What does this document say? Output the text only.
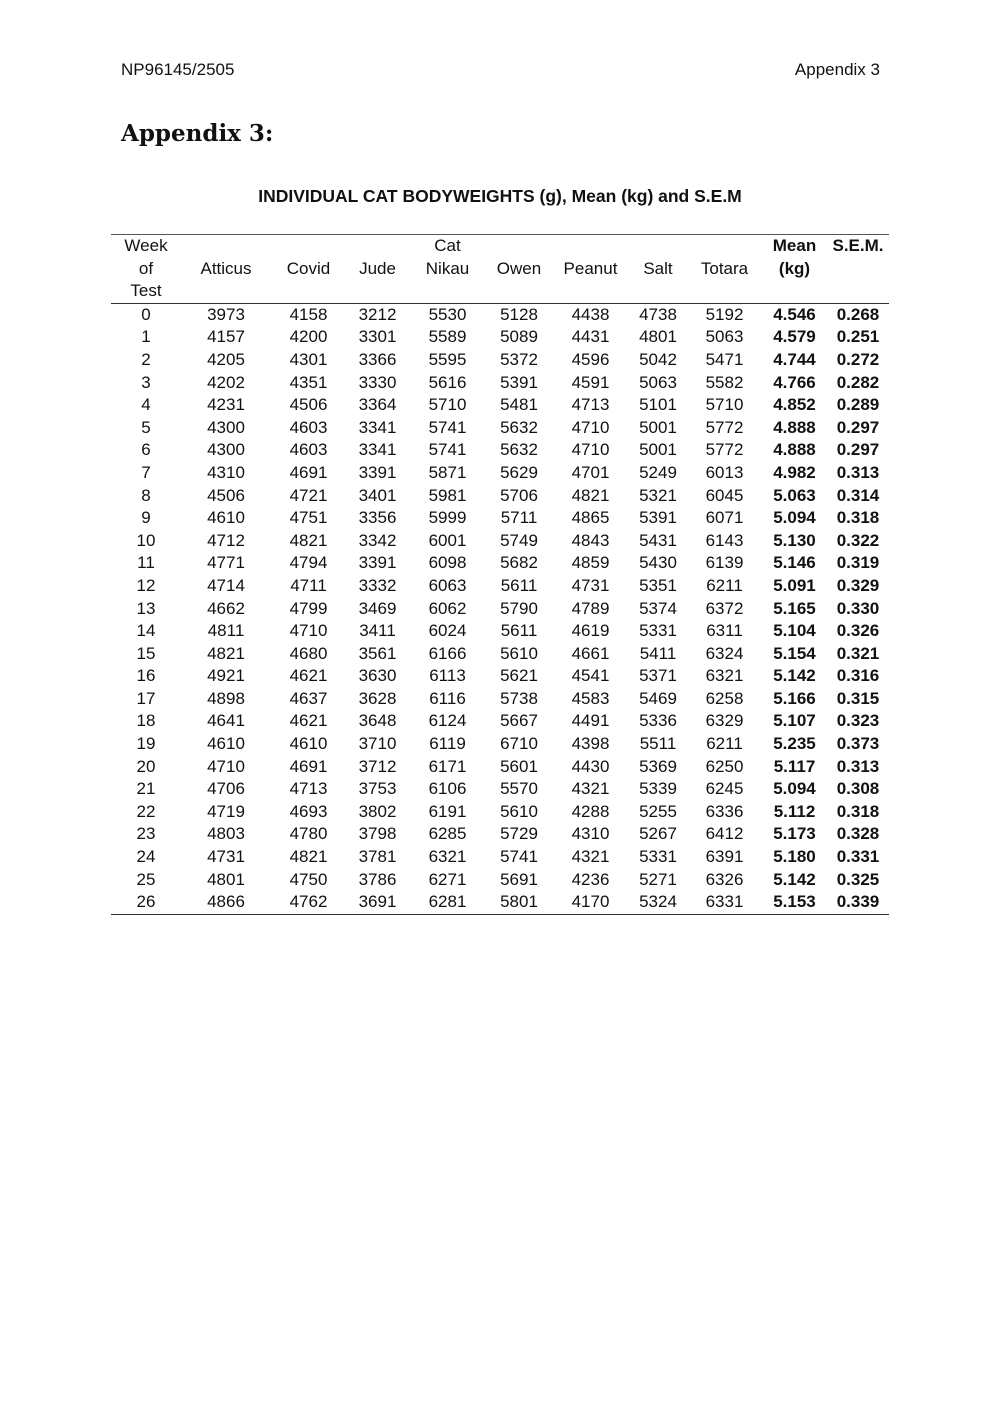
NP96145/2505	Appendix 3
Appendix 3:
INDIVIDUAL CAT BODYWEIGHTS (g), Mean (kg) and S.E.M
Week				Cat					Mean	S.E.M.
of	Atticus	Covid	Jude	Nikau	Owen	Peanut	Salt	Totara	(kg)	
Test										
0	3973	4158	3212	5530	5128	4438	4738	5192	4.546	0.268
1	4157	4200	3301	5589	5089	4431	4801	5063	4.579	0.251
2	4205	4301	3366	5595	5372	4596	5042	5471	4.744	0.272
3	4202	4351	3330	5616	5391	4591	5063	5582	4.766	0.282
4	4231	4506	3364	5710	5481	4713	5101	5710	4.852	0.289
5	4300	4603	3341	5741	5632	4710	5001	5772	4.888	0.297
6	4300	4603	3341	5741	5632	4710	5001	5772	4.888	0.297
7	4310	4691	3391	5871	5629	4701	5249	6013	4.982	0.313
8	4506	4721	3401	5981	5706	4821	5321	6045	5.063	0.314
9	4610	4751	3356	5999	5711	4865	5391	6071	5.094	0.318
10	4712	4821	3342	6001	5749	4843	5431	6143	5.130	0.322
11	4771	4794	3391	6098	5682	4859	5430	6139	5.146	0.319
12	4714	4711	3332	6063	5611	4731	5351	6211	5.091	0.329
13	4662	4799	3469	6062	5790	4789	5374	6372	5.165	0.330
14	4811	4710	3411	6024	5611	4619	5331	6311	5.104	0.326
15	4821	4680	3561	6166	5610	4661	5411	6324	5.154	0.321
16	4921	4621	3630	6113	5621	4541	5371	6321	5.142	0.316
17	4898	4637	3628	6116	5738	4583	5469	6258	5.166	0.315
18	4641	4621	3648	6124	5667	4491	5336	6329	5.107	0.323
19	4610	4610	3710	6119	6710	4398	5511	6211	5.235	0.373
20	4710	4691	3712	6171	5601	4430	5369	6250	5.117	0.313
21	4706	4713	3753	6106	5570	4321	5339	6245	5.094	0.308
22	4719	4693	3802	6191	5610	4288	5255	6336	5.112	0.318
23	4803	4780	3798	6285	5729	4310	5267	6412	5.173	0.328
24	4731	4821	3781	6321	5741	4321	5331	6391	5.180	0.331
25	4801	4750	3786	6271	5691	4236	5271	6326	5.142	0.325
26	4866	4762	3691	6281	5801	4170	5324	6331	5.153	0.339
